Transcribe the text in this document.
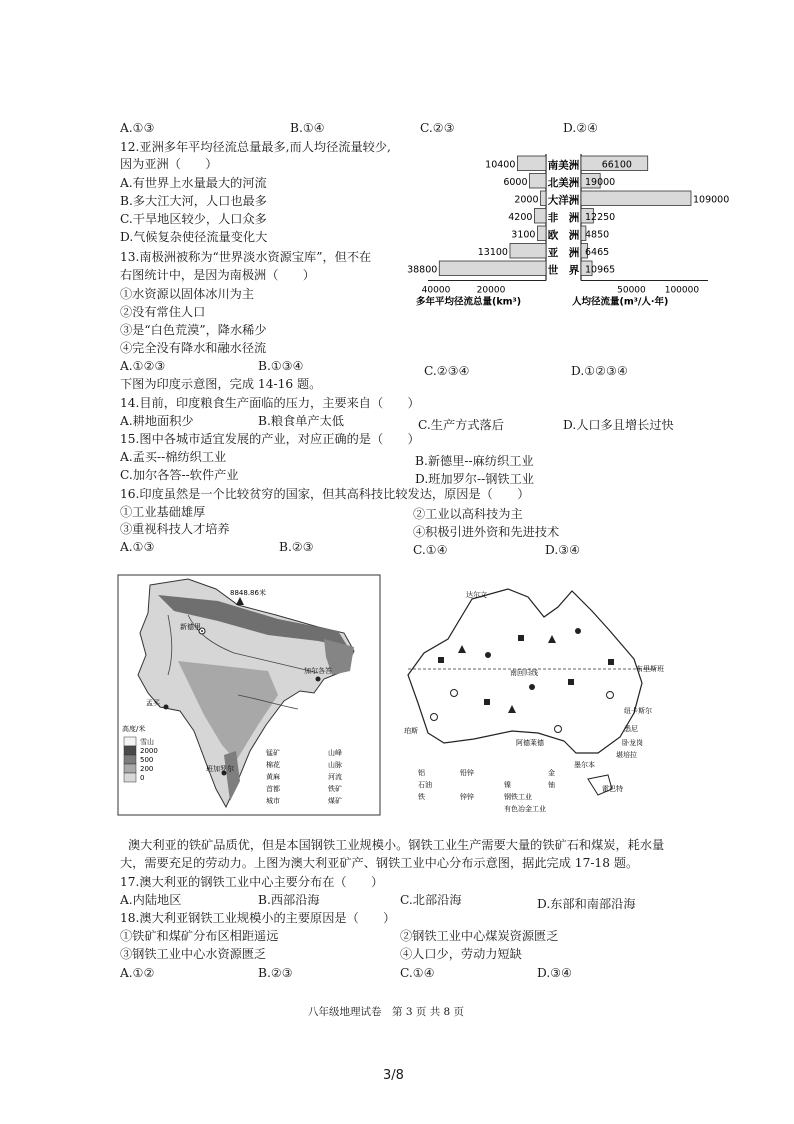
A.①③	B.①④	C.②③	D.②④
12.亚洲多年平均径流总量最多,而人均径流量较少,
因为亚洲（　　）
A.有世界上水量最大的河流
B.多大江大河，人口也最多
C.干旱地区较少，人口众多
D.气候复杂使径流量变化大
13.南极洲被称为“世界淡水资源宝库”，但不在
右图统计中，是因为南极洲（　　）
①水资源以固体冰川为主
②没有常住人口
③是“白色荒漠”，降水稀少
④完全没有降水和融水径流
A.①②③	B.①③④	C.②③④	D.①②③④
10400	66100
南美洲
6000	19000
北美洲
2000	109000
大洋洲
4200	12250
非　洲
3100	4850
欧　洲
13100	6465
亚　洲
38800	10965
世　界
40000	20000	50000 100000
多年平均径流总量(km³)	人均径流量(m³/人·年)
下图为印度示意图，完成 14-16 题。
14.目前，印度粮食生产面临的压力，主要来自（　　）
A.耕地面积少	B.粮食单产太低	C.生产方式落后	D.人口多且增长过快
15.图中各城市适宜发展的产业，对应正确的是（　　）
A.孟买--棉纺织工业	B.新德里--麻纺织工业
C.加尔各答--软件产业	D.班加罗尔--钢铁工业
16.印度虽然是一个比较贫穷的国家，但其高科技比较发达，原因是（　　）
①工业基础雄厚	②工业以高科技为主
③重视科技人才培养	④积极引进外资和先进技术
A.①③	B.②③	C.①④	D.③④
新德里
加尔各答
孟买
班加罗尔
8848.86米
高度/米
雪山
2000
500
200
0
锰矿	山峰
棉花	山脉
黄麻	河流
首都	铁矿
城市	煤矿
南回归线
达尔文
布里斯班
珀斯
阿德莱德
纽卡斯尔
悉尼
卧龙岗
堪培拉
墨尔本
霍巴特
铝	铅锌	金
石油	镍	铀
铁	锌锌	钢铁工业
有色冶金工业
澳大利亚的铁矿品质优，但是本国钢铁工业规模小。钢铁工业生产需要大量的铁矿石和煤炭，耗水量
大，需要充足的劳动力。上图为澳大利亚矿产、钢铁工业中心分布示意图，据此完成 17-18 题。
17.澳大利亚的钢铁工业中心主要分布在（　　）
A.内陆地区	B.西部沿海	C.北部沿海	D.东部和南部沿海
18.澳大利亚钢铁工业规模小的主要原因是（　　）
①铁矿和煤矿分布区相距遥远	②钢铁工业中心煤炭资源匮乏
③钢铁工业中心水资源匮乏	④人口少，劳动力短缺
A.①②	B.②③	C.①④	D.③④
八年级地理试卷　第 3 页 共 8 页
3/8
